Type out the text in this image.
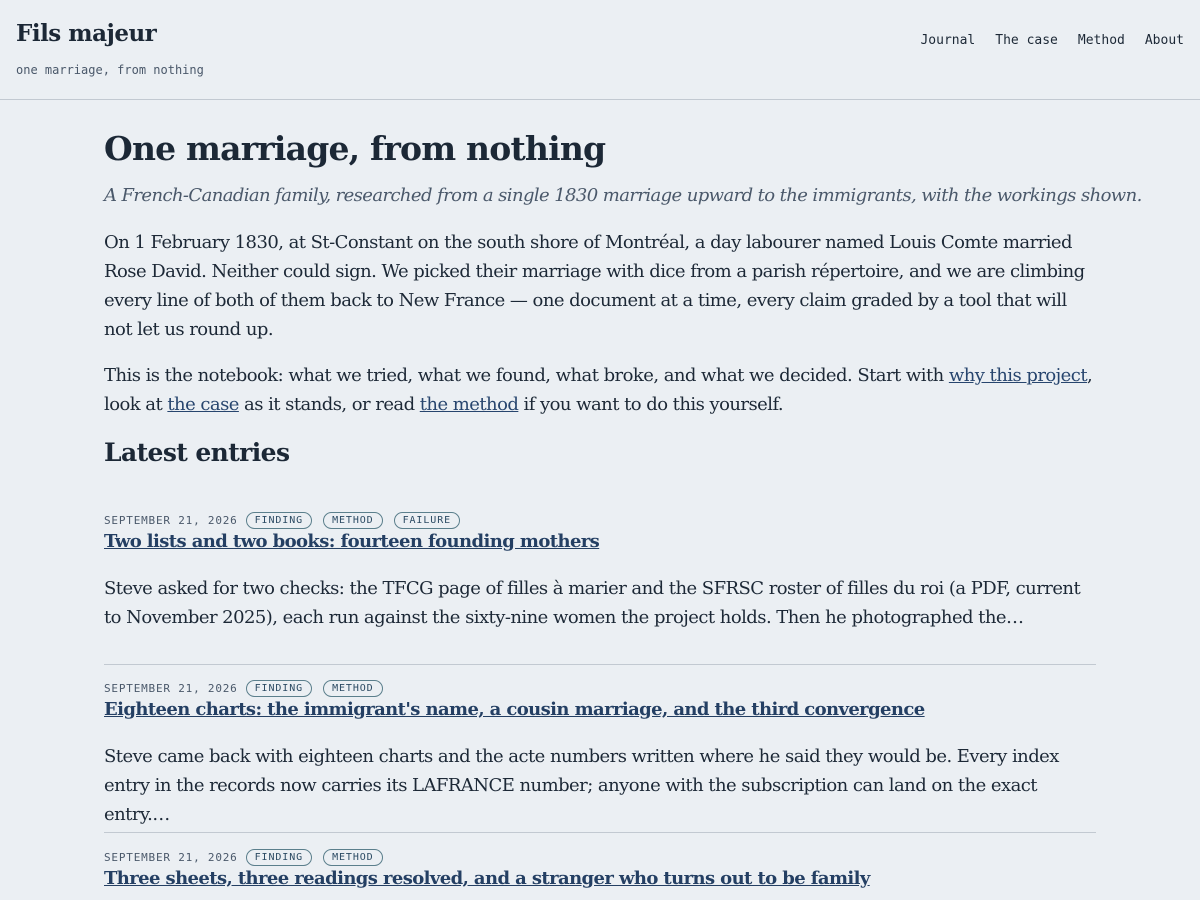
Fils majeur
one marriage, from nothing
Journal The case Method About
One marriage, from nothing
A French-Canadian family, researched from a single 1830 marriage upward to the immigrants, with the workings shown.

On 1 February 1830, at St-Constant on the south shore of Montréal, a day labourer named Louis Comte married Rose David. Neither could sign. We picked their marriage with dice from a parish répertoire, and we are climbing every line of both of them back to New France — one document at a time, every claim graded by a tool that will not let us round up.

This is the notebook: what we tried, what we found, what broke, and what we decided. Start with why this project, look at the case as it stands, or read the method if you want to do this yourself.

Latest entries
SEPTEMBER 21, 2026	FINDING	METHOD	FAILURE
Two lists and two books: fourteen founding mothers

Steve asked for two checks: the TFCG page of filles à marier and the SFRSC roster of filles du roi (a PDF, current to November 2025), each run against the sixty-nine women the project holds. Then he photographed the…

SEPTEMBER 21, 2026	FINDING	METHOD
Eighteen charts: the immigrant's name, a cousin marriage, and the third convergence

Steve came back with eighteen charts and the acte numbers written where he said they would be. Every index entry in the records now carries its LAFRANCE number; anyone with the subscription can land on the exact entry.…

SEPTEMBER 21, 2026	FINDING	METHOD
Three sheets, three readings resolved, and a stranger who turns out to be family
